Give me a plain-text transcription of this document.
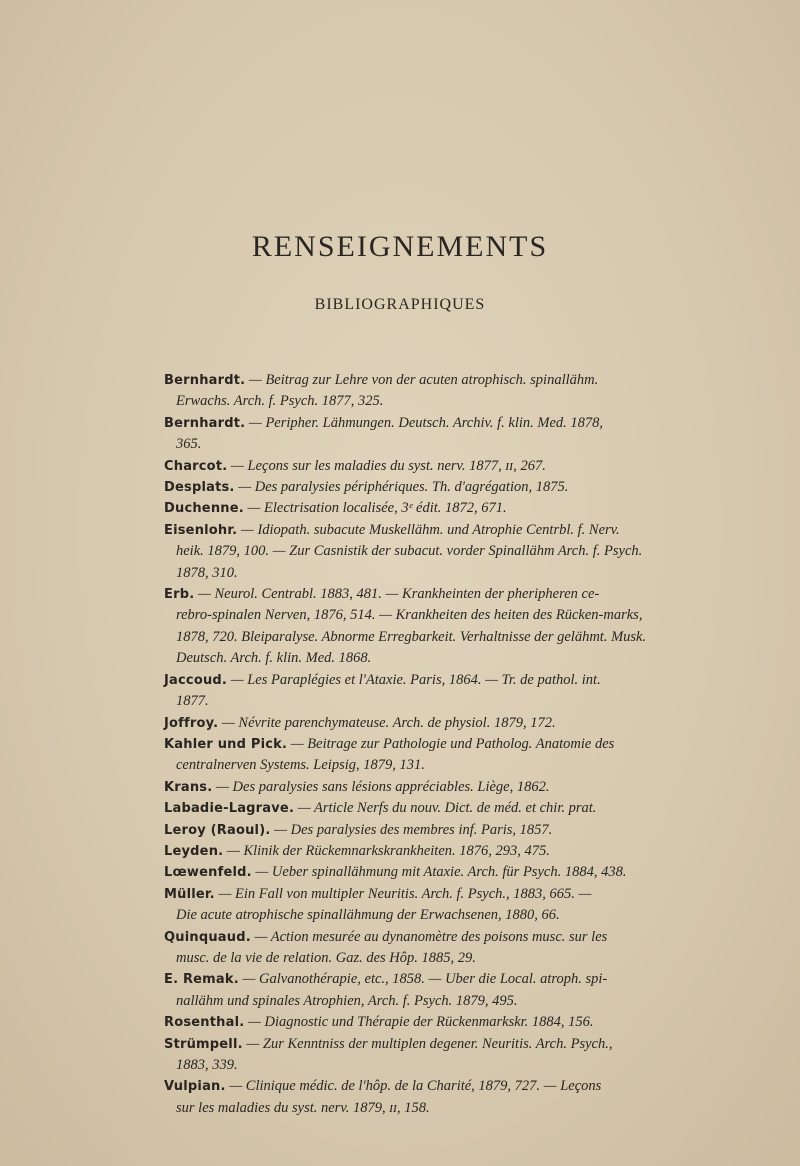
RENSEIGNEMENTS
BIBLIOGRAPHIQUES
Bernhardt. — Beitrag zur Lehre von der acuten atrophisch. spinallähm.
Erwachs. Arch. f. Psych. 1877, 325.
Bernhardt. — Peripher. Lähmungen. Deutsch. Archiv. f. klin. Med. 1878,
365.
Charcot. — Leçons sur les maladies du syst. nerv. 1877, ɪɪ, 267.
Desplats. — Des paralysies périphériques. Th. d'agrégation, 1875.
Duchenne. — Electrisation localisée, 3ᵉ édit. 1872, 671.
Eisenlohr. — Idiopath. subacute Muskellähm. und Atrophie Centrbl. f. Nerv.
heik. 1879, 100. — Zur Casnistik der subacut. vorder Spinallähm Arch. f. Psych. 1878, 310.
Erb. — Neurol. Centrabl. 1883, 481. — Krankheinten der pheripheren ce-
rebro-spinalen Nerven, 1876, 514. — Krankheiten des heiten des Rücken-marks, 1878, 720. Bleiparalyse. Abnorme Erregbarkeit. Verhaltnisse der gelähmt. Musk. Deutsch. Arch. f. klin. Med. 1868.
Jaccoud. — Les Paraplégies et l'Ataxie. Paris, 1864. — Tr. de pathol. int.
1877.
Joffroy. — Névrite parenchymateuse. Arch. de physiol. 1879, 172.
Kahler und Pick. — Beitrage zur Pathologie und Patholog. Anatomie des
centralnerven Systems. Leipsig, 1879, 131.
Krans. — Des paralysies sans lésions appréciables. Liège, 1862.
Labadie-Lagrave. — Article Nerfs du nouv. Dict. de méd. et chir. prat.
Leroy (Raoul). — Des paralysies des membres inf. Paris, 1857.
Leyden. — Klinik der Rückemnarkskrankheiten. 1876, 293, 475.
Lœwenfeld. — Ueber spinallähmung mit Ataxie. Arch. für Psych. 1884, 438.
Müller. — Ein Fall von multipler Neuritis. Arch. f. Psych., 1883, 665. —
Die acute atrophische spinallähmung der Erwachsenen, 1880, 66.
Quinquaud. — Action mesurée au dynanomètre des poisons musc. sur les
musc. de la vie de relation. Gaz. des Hôp. 1885, 29.
E. Remak. — Galvanothérapie, etc., 1858. — Uber die Local. atroph. spi-
nallähm und spinales Atrophien, Arch. f. Psych. 1879, 495.
Rosenthal. — Diagnostic und Thérapie der Rückenmarkskr. 1884, 156.
Strümpell. — Zur Kenntniss der multiplen degener. Neuritis. Arch. Psych.,
1883, 339.
Vulpian. — Clinique médic. de l'hôp. de la Charité, 1879, 727. — Leçons
sur les maladies du syst. nerv. 1879, ɪɪ, 158.
